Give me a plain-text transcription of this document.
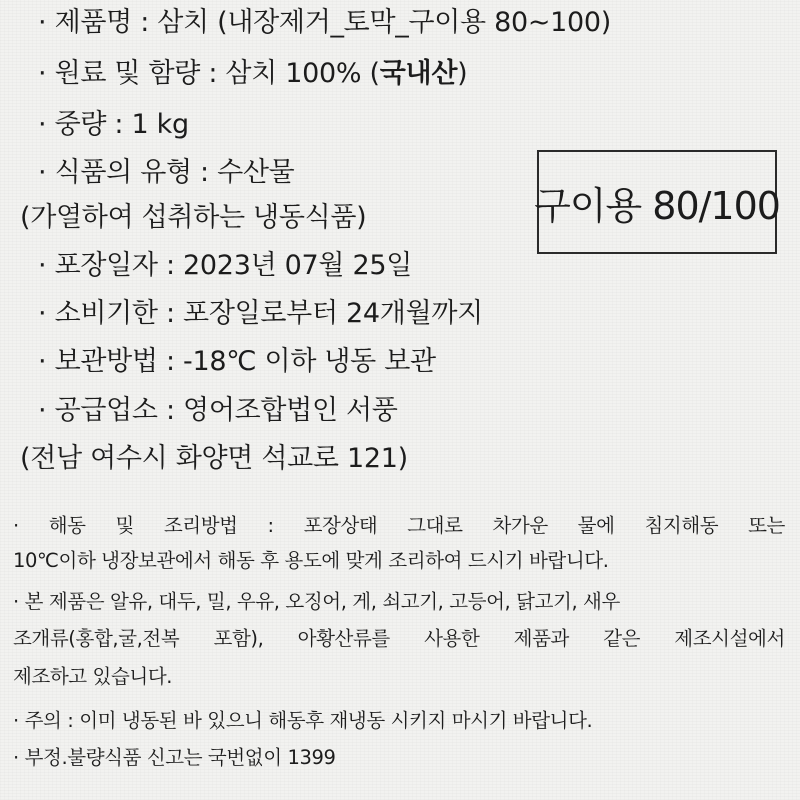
· 제품명 : 삼치 (내장제거_토막_구이용 80~100)
· 원료 및 함량 : 삼치 100% (국내산)
· 중량 : 1 kg
· 식품의 유형 : 수산물
(가열하여 섭취하는 냉동식품)	구이용 80/100
· 포장일자 : 2023년 07월 25일
· 소비기한 : 포장일로부터 24개월까지
· 보관방법 : -18℃ 이하 냉동 보관
· 공급업소 : 영어조합법인 서풍
(전남 여수시 화양면 석교로 121)
· 해동 및 조리방법 : 포장상태 그대로 차가운 물에 침지해동 또는
10℃이하 냉장보관에서 해동 후 용도에 맞게 조리하여 드시기 바랍니다.
· 본 제품은 알유, 대두, 밀, 우유, 오징어, 게, 쇠고기, 고등어, 닭고기, 새우
조개류(홍합,굴,전복 포함), 아황산류를 사용한 제품과 같은 제조시설에서
제조하고 있습니다.
· 주의 : 이미 냉동된 바 있으니 해동후 재냉동 시키지 마시기 바랍니다.
· 부정.불량식품 신고는 국번없이 1399
